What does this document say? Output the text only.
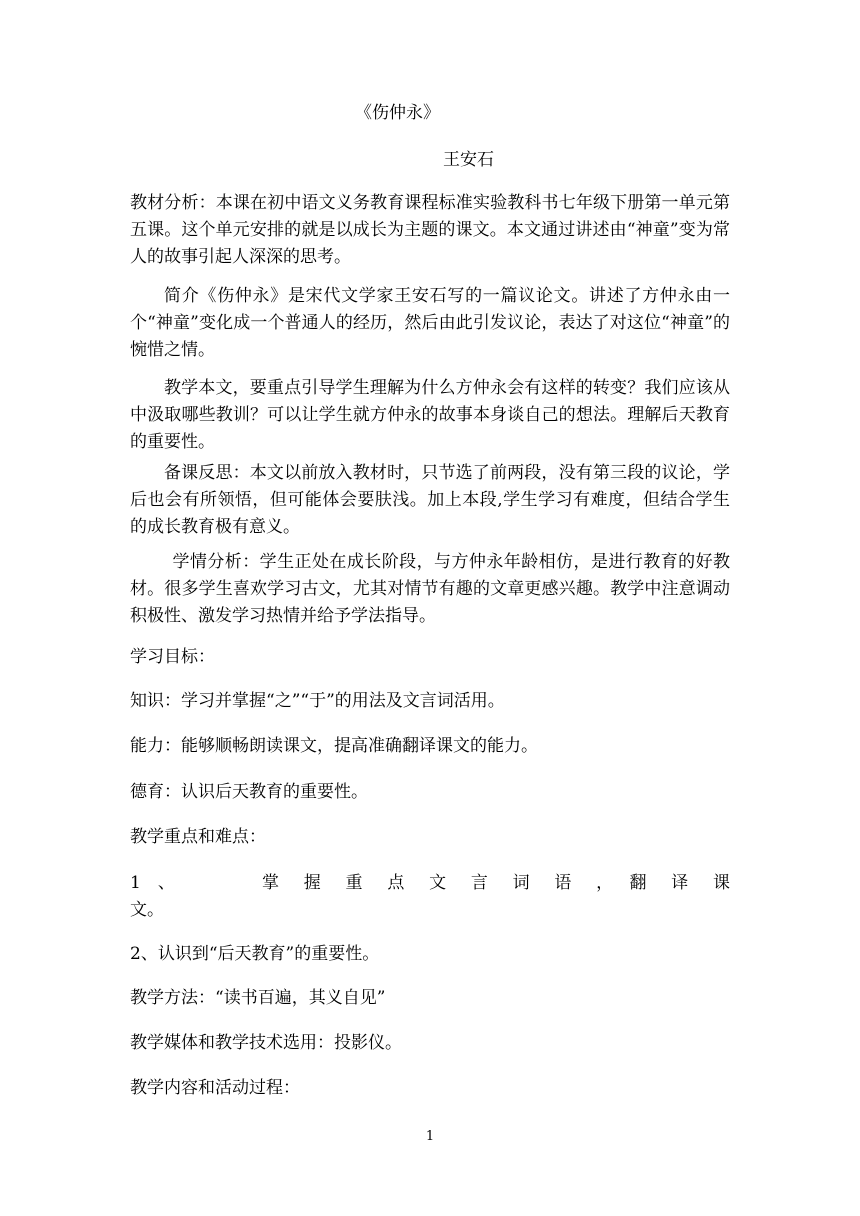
《伤仲永》
王安石
教材分析：本课在初中语文义务教育课程标准实验教科书七年级下册第一单元第五课。这个单元安排的就是以成长为主题的课文。本文通过讲述由“神童”变为常人的故事引起人深深的思考。
简介《伤仲永》是宋代文学家王安石写的一篇议论文。讲述了方仲永由一个“神童”变化成一个普通人的经历，然后由此引发议论，表达了对这位“神童”的惋惜之情。
教学本文，要重点引导学生理解为什么方仲永会有这样的转变？我们应该从中汲取哪些教训？可以让学生就方仲永的故事本身谈自己的想法。理解后天教育的重要性。
备课反思：本文以前放入教材时，只节选了前两段，没有第三段的议论，学后也会有所领悟，但可能体会要肤浅。加上本段,学生学习有难度，但结合学生的成长教育极有意义。
学情分析：学生正处在成长阶段，与方仲永年龄相仿，是进行教育的好教材。很多学生喜欢学习古文，尤其对情节有趣的文章更感兴趣。教学中注意调动积极性、激发学习热情并给予学法指导。
学习目标：
知识：学习并掌握“之”“于”的用法及文言词活用。
能力：能够顺畅朗读课文，提高准确翻译课文的能力。
德育：认识后天教育的重要性。
教学重点和难点：
1　、	掌　握　重　点　文　言　词　语　，　翻　译　课
文。
2、认识到“后天教育”的重要性。
教学方法：“读书百遍，其义自见”
教学媒体和教学技术选用：投影仪。
教学内容和活动过程：
1
